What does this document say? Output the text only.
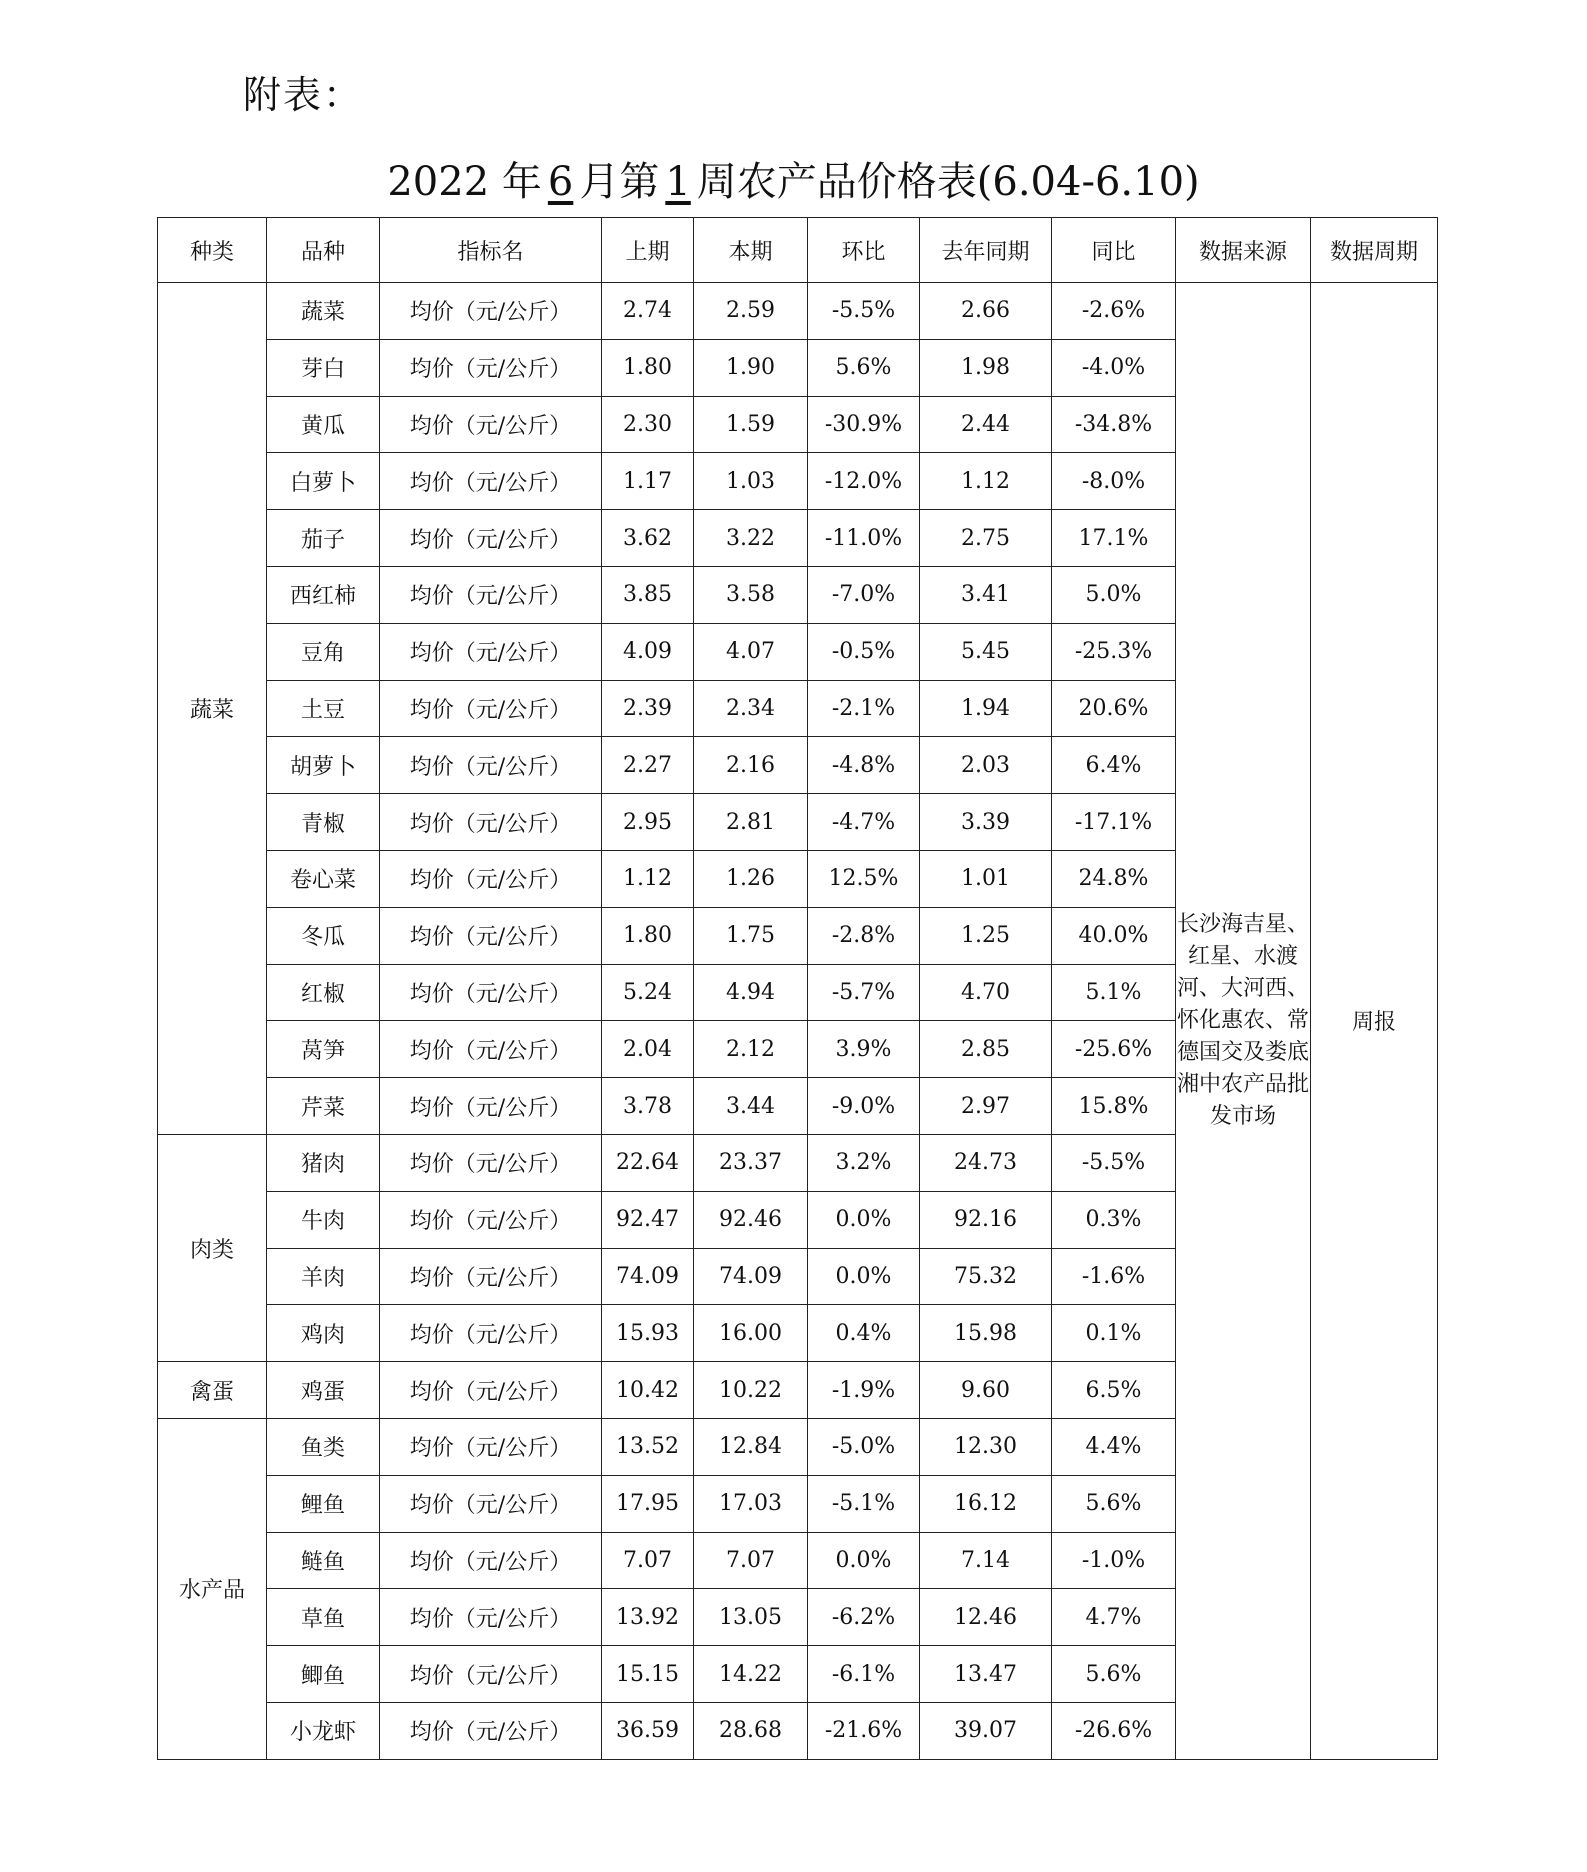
附表：
2022 年 6 月第 1 周农产品价格表(6.04-6.10)
种类	品种	指标名	上期	本期	环比	去年同期	同比	数据来源	数据周期
蔬菜	蔬菜	均价（元/公斤）	2.74	2.59	-5.5%	2.66	-2.6%	长沙海吉星、红星、水渡河、大河西、怀化惠农、常德国交及娄底湘中农产品批发市场	周报
	芽白	均价（元/公斤）	1.80	1.90	5.6%	1.98	-4.0%		
	黄瓜	均价（元/公斤）	2.30	1.59	-30.9%	2.44	-34.8%		
	白萝卜	均价（元/公斤）	1.17	1.03	-12.0%	1.12	-8.0%		
	茄子	均价（元/公斤）	3.62	3.22	-11.0%	2.75	17.1%		
	西红柿	均价（元/公斤）	3.85	3.58	-7.0%	3.41	5.0%		
	豆角	均价（元/公斤）	4.09	4.07	-0.5%	5.45	-25.3%		
	土豆	均价（元/公斤）	2.39	2.34	-2.1%	1.94	20.6%		
	胡萝卜	均价（元/公斤）	2.27	2.16	-4.8%	2.03	6.4%		
	青椒	均价（元/公斤）	2.95	2.81	-4.7%	3.39	-17.1%		
	卷心菜	均价（元/公斤）	1.12	1.26	12.5%	1.01	24.8%		
	冬瓜	均价（元/公斤）	1.80	1.75	-2.8%	1.25	40.0%		
	红椒	均价（元/公斤）	5.24	4.94	-5.7%	4.70	5.1%		
	莴笋	均价（元/公斤）	2.04	2.12	3.9%	2.85	-25.6%		
	芹菜	均价（元/公斤）	3.78	3.44	-9.0%	2.97	15.8%		
肉类	猪肉	均价（元/公斤）	22.64	23.37	3.2%	24.73	-5.5%		
	牛肉	均价（元/公斤）	92.47	92.46	0.0%	92.16	0.3%		
	羊肉	均价（元/公斤）	74.09	74.09	0.0%	75.32	-1.6%		
	鸡肉	均价（元/公斤）	15.93	16.00	0.4%	15.98	0.1%		
禽蛋	鸡蛋	均价（元/公斤）	10.42	10.22	-1.9%	9.60	6.5%		
水产品	鱼类	均价（元/公斤）	13.52	12.84	-5.0%	12.30	4.4%		
	鲤鱼	均价（元/公斤）	17.95	17.03	-5.1%	16.12	5.6%		
	鲢鱼	均价（元/公斤）	7.07	7.07	0.0%	7.14	-1.0%		
	草鱼	均价（元/公斤）	13.92	13.05	-6.2%	12.46	4.7%		
	鲫鱼	均价（元/公斤）	15.15	14.22	-6.1%	13.47	5.6%		
	小龙虾	均价（元/公斤）	36.59	28.68	-21.6%	39.07	-26.6%		
